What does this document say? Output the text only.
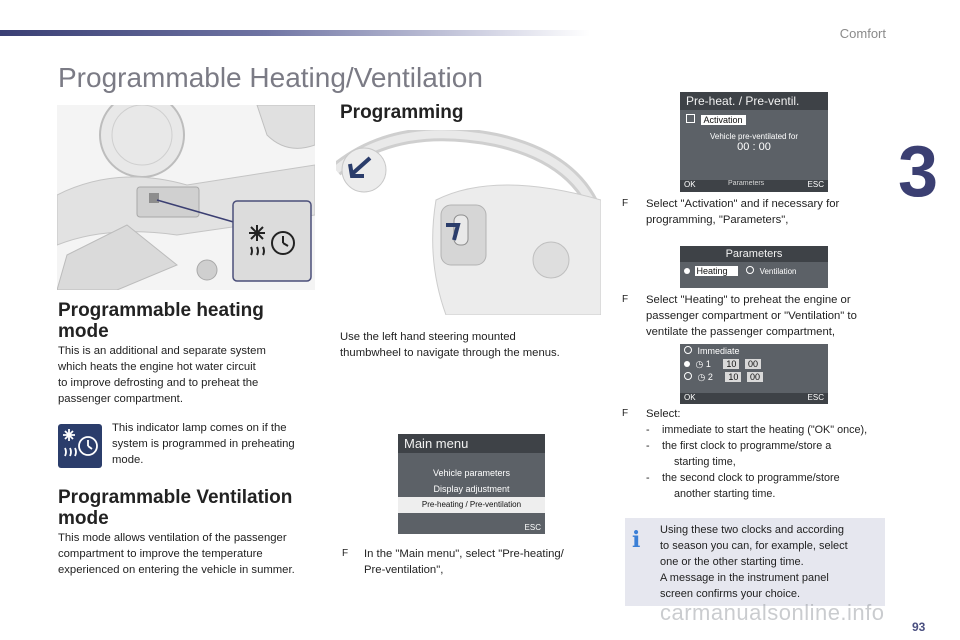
Comfort
3
Programmable Heating/Ventilation
Programmable heating
mode
This is an additional and separate system
which heats the engine hot water circuit
to improve defrosting and to preheat the
passenger compartment.
This indicator lamp comes on if the
system is programmed in preheating
mode.
Programmable Ventilation
mode
This mode allows ventilation of the passenger
compartment to improve the temperature
experienced on entering the vehicle in summer.
Programming
Use the left hand steering mounted
thumbwheel to navigate through the menus.
Main menu
Vehicle parameters
Display adjustment
Pre-heating / Pre-ventilation
ESC
F In the "Main menu", select "Pre-heating/
Pre-ventilation",
Pre-heat. / Pre-ventil.
Activation
Vehicle pre-ventilated for
00 : 00
OK	Parameters	ESC
F Select "Activation" and if necessary for
programming, "Parameters",
Parameters
Heating	Ventilation
F Select "Heating" to preheat the engine or
passenger compartment or "Ventilation" to
ventilate the passenger compartment,
Immediate
◷ 1 10 00
◷ 2 10 00
OK	ESC
F Select:
-	immediate to start the heating ("OK" once),
-	the first clock to programme/store a
starting time,
-	the second clock to programme/store
another starting time.
i Using these two clocks and according
to season you can, for example, select
one or the other starting time.
A message in the instrument panel
screen confirms your choice.
93
carmanualsonline.info
